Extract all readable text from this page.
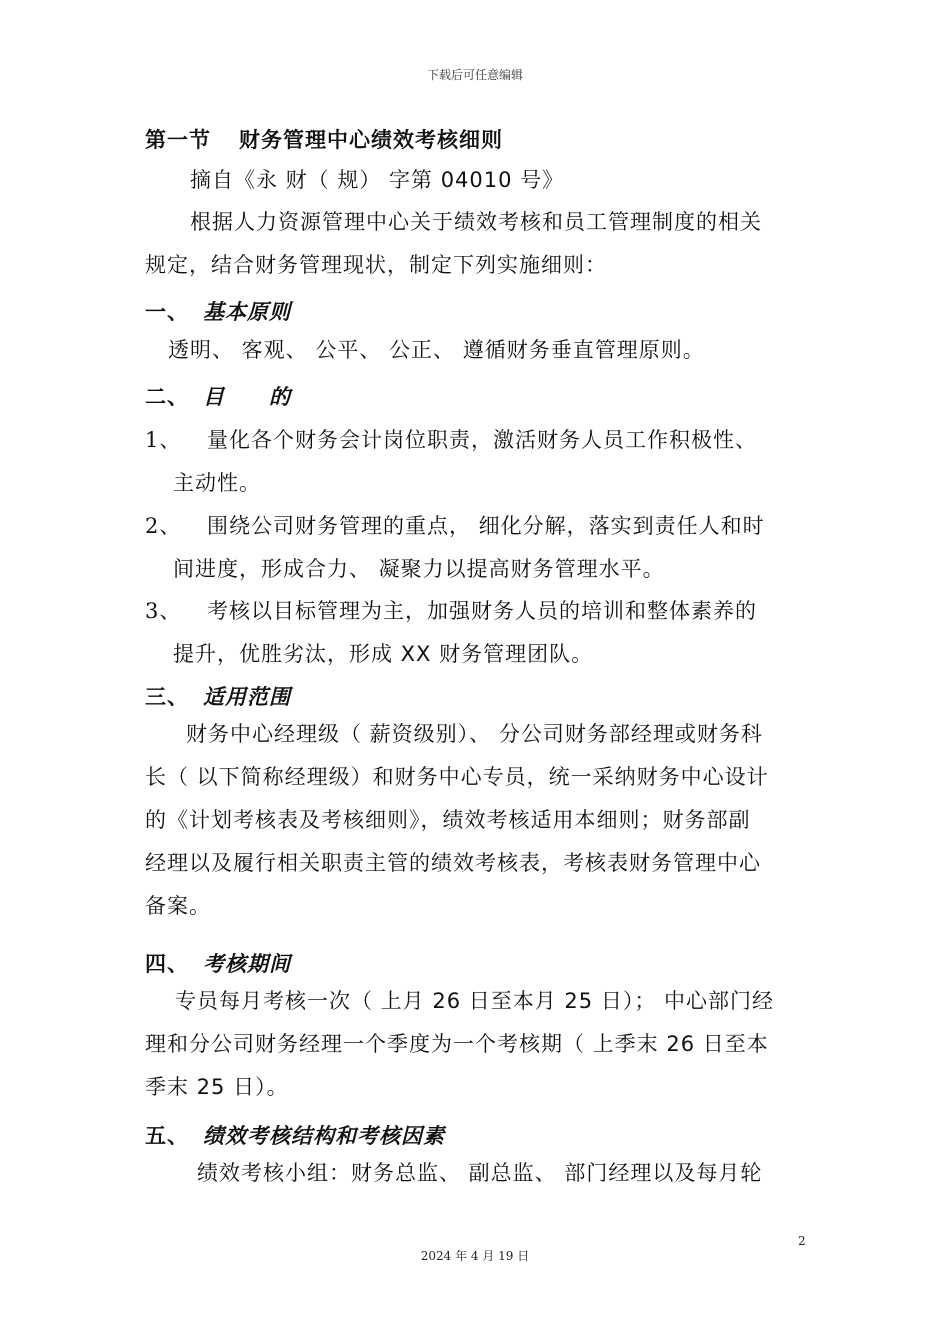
下载后可任意编辑
第一节 财务管理中心绩效考核细则
摘自《永 财（ 规） 字第 04010 号》
根据人力资源管理中心关于绩效考核和员工管理制度的相关
规定，结合财务管理现状，制定下列实施细则：
一、 基本原则
透明、 客观、 公平、 公正、 遵循财务垂直管理原则。
二、 目　　的
1、 量化各个财务会计岗位职责，激活财务人员工作积极性、
主动性。
2、 围绕公司财务管理的重点， 细化分解，落实到责任人和时
间进度，形成合力、 凝聚力以提高财务管理水平。
3、 考核以目标管理为主，加强财务人员的培训和整体素养的
提升，优胜劣汰，形成 XX 财务管理团队。
三、 适用范围
财务中心经理级（ 薪资级别）、 分公司财务部经理或财务科
长（ 以下简称经理级）和财务中心专员，统一采纳财务中心设计
的《计划考核表及考核细则》，绩效考核适用本细则；财务部副
经理以及履行相关职责主管的绩效考核表，考核表财务管理中心
备案。
四、 考核期间
专员每月考核一次（ 上月 26 日至本月 25 日）； 中心部门经
理和分公司财务经理一个季度为一个考核期（ 上季末 26 日至本
季末 25 日）。
五、 绩效考核结构和考核因素
绩效考核小组：财务总监、 副总监、 部门经理以及每月轮
2
2024 年 4 月 19 日
